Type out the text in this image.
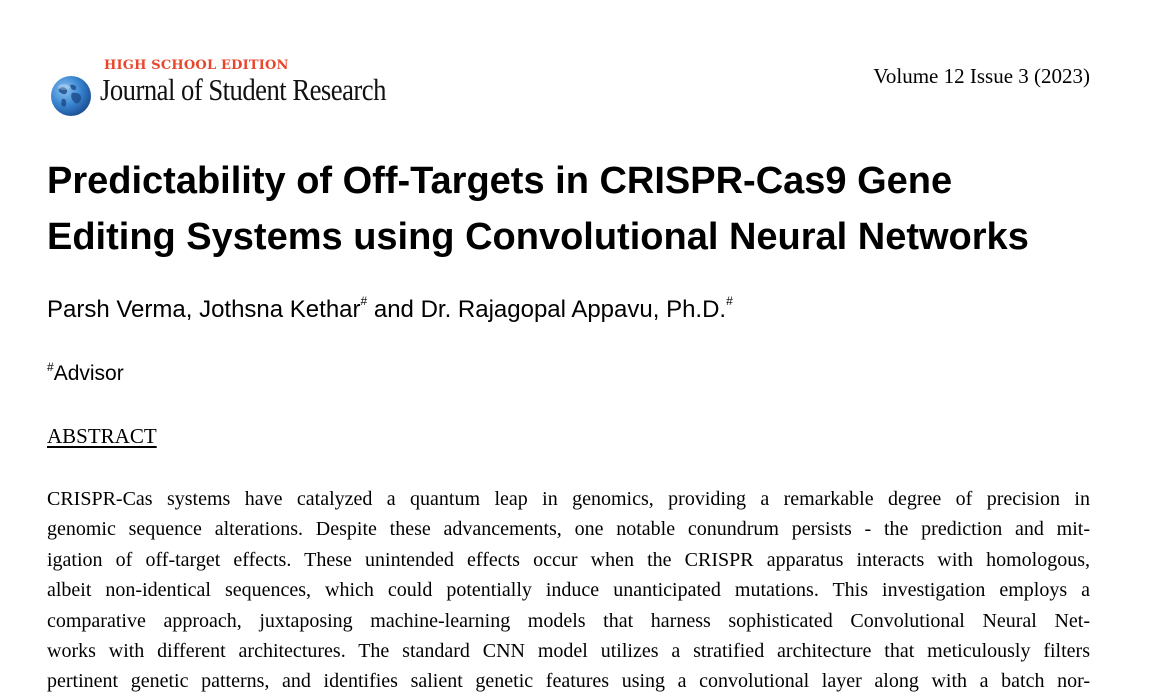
HIGH SCHOOL EDITION
Journal of Student Research	Volume 12 Issue 3 (2023)
Predictability of Off-Targets in CRISPR-Cas9 Gene
Editing Systems using Convolutional Neural Networks
Parsh Verma, Jothsna Kethar# and Dr. Rajagopal Appavu, Ph.D.#
#Advisor
ABSTRACT
CRISPR-Cas systems have catalyzed a quantum leap in genomics, providing a remarkable degree of precision in
genomic sequence alterations. Despite these advancements, one notable conundrum persists - the prediction and mit-
igation of off-target effects. These unintended effects occur when the CRISPR apparatus interacts with homologous,
albeit non-identical sequences, which could potentially induce unanticipated mutations. This investigation employs a
comparative approach, juxtaposing machine-learning models that harness sophisticated Convolutional Neural Net-
works with different architectures. The standard CNN model utilizes a stratified architecture that meticulously filters
pertinent genetic patterns, and identifies salient genetic features using a convolutional layer along with a batch nor-
